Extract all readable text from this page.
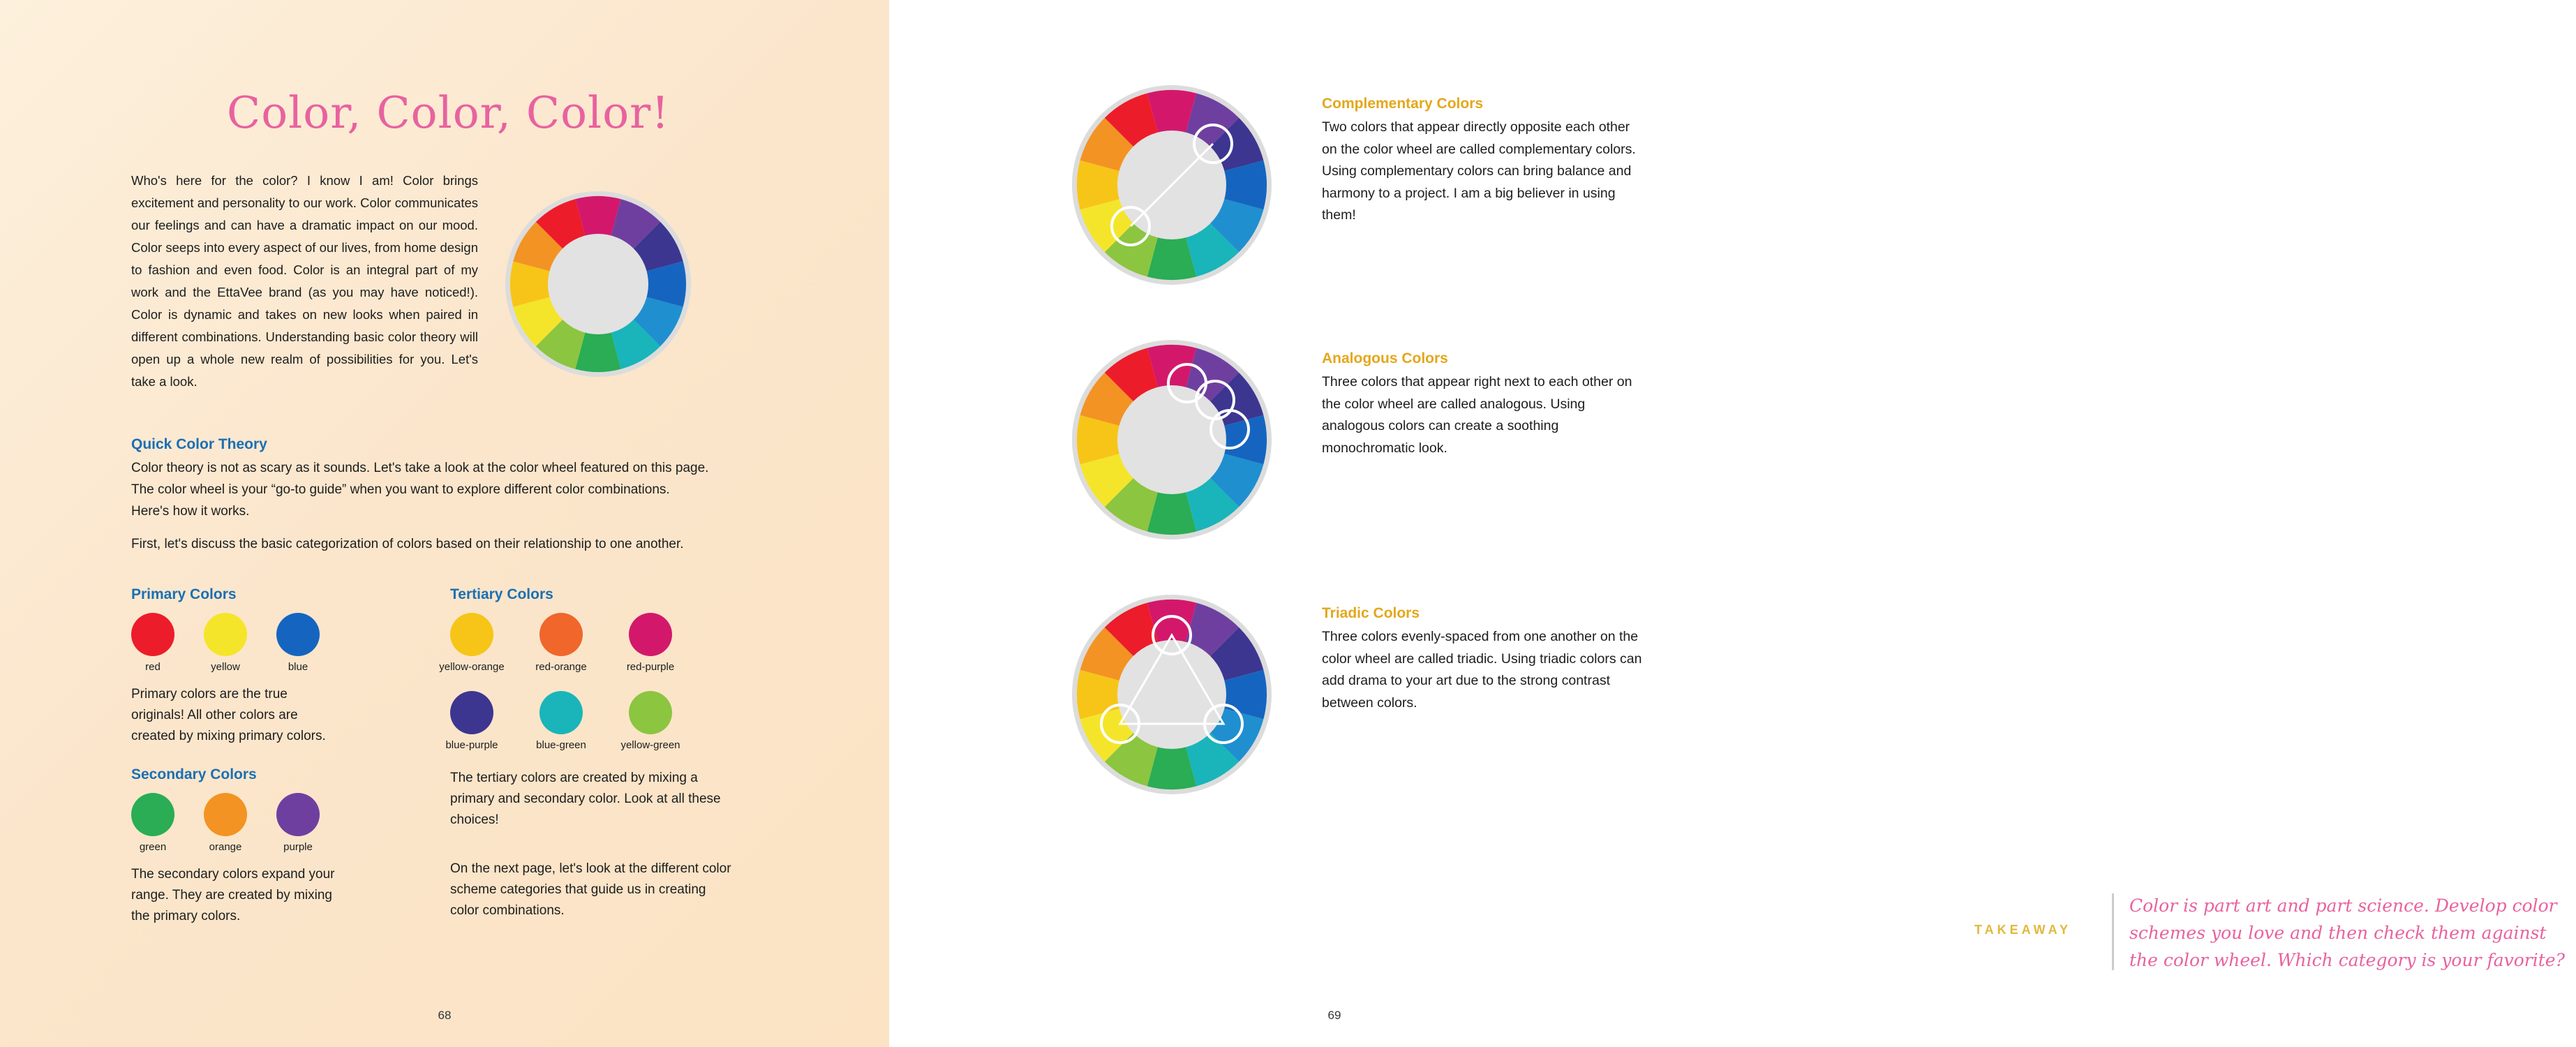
Color, Color, Color!
Who's here for the color? I know I am! Color brings excitement and personality to our work. Color communicates our feelings and can have a dramatic impact on our mood. Color seeps into every aspect of our lives, from home design to fashion and even food. Color is an integral part of my work and the EttaVee brand (as you may have noticed!). Color is dynamic and takes on new looks when paired in different combinations. Understanding basic color theory will open up a whole new realm of possibilities for you. Let's take a look.
Quick Color Theory

Color theory is not as scary as it sounds. Let's take a look at the color wheel featured on this page. The color wheel is your “go-to guide” when you want to explore different color combinations. Here's how it works.

First, let's discuss the basic categorization of colors based on their relationship to one another.

Primary Colors
red	yellow	blue

Primary colors are the true originals! All other colors are created by mixing primary colors.

Secondary Colors
green	orange	purple

The secondary colors expand your range. They are created by mixing the primary colors.

Tertiary Colors
yellow-orange	red-orange	red-purple
blue-purple	blue-green	yellow-green

The tertiary colors are created by mixing a primary and secondary color. Look at all these choices!

On the next page, let's look at the different color scheme categories that guide us in creating color combinations.

68
Complementary Colors

Two colors that appear directly opposite each other on the color wheel are called complementary colors. Using complementary colors can bring balance and harmony to a project. I am a big believer in using them!

Analogous Colors

Three colors that appear right next to each other on the color wheel are called analogous. Using analogous colors can create a soothing monochromatic look.

Triadic Colors

Three colors evenly-spaced from one another on the color wheel are called triadic. Using triadic colors can add drama to your art due to the strong contrast between colors.

TAKEAWAY
Color is part art and part science. Develop color schemes you love and then check them against the color wheel. Which category is your favorite?
69
